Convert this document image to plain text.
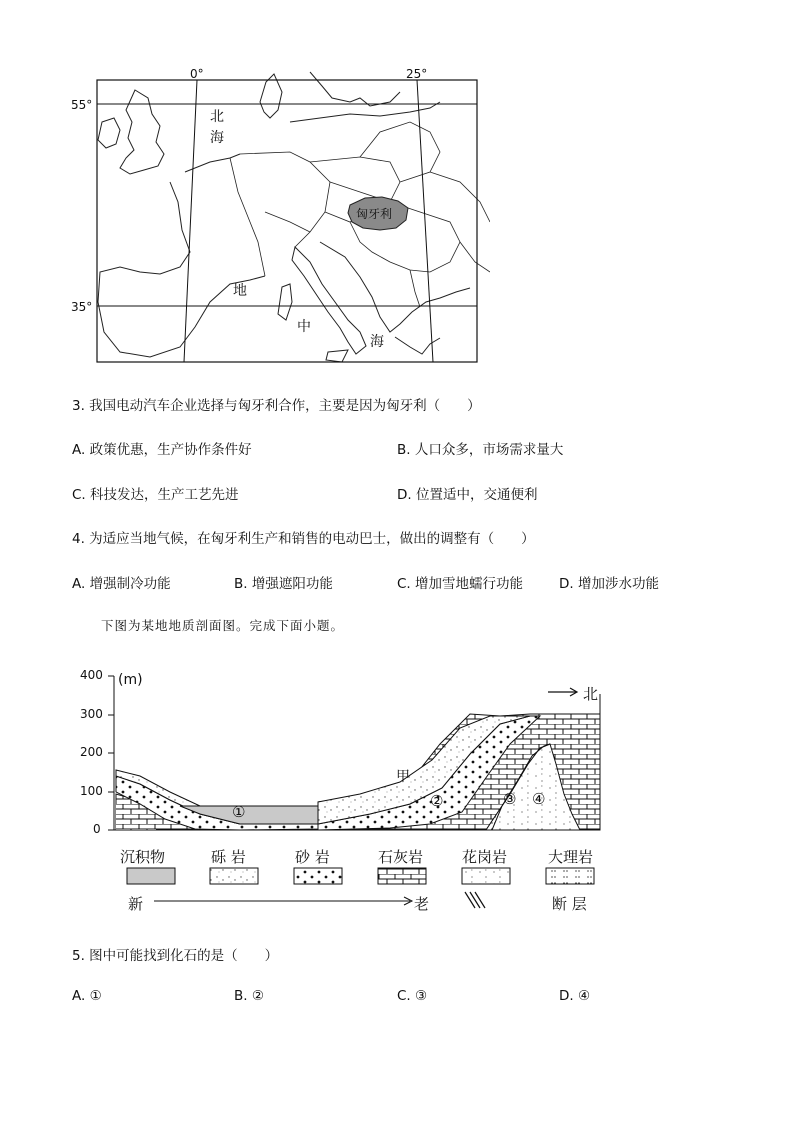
0°	25°
55°
35°
北
海
匈牙利
地
中
海
3. 我国电动汽车企业选择与匈牙利合作，主要是因为匈牙利（　　）
A. 政策优惠，生产协作条件好	B. 人口众多，市场需求量大
C. 科技发达，生产工艺先进	D. 位置适中，交通便利
4. 为适应当地气候，在匈牙利生产和销售的电动巴士，做出的调整有（　　）
A. 增强制冷功能	B. 增强遮阳功能	C. 增加雪地蠕行功能	D. 增加涉水功能
下图为某地地质剖面图。完成下面小题。
(m)
400
300
200
100
0
北
甲
①
②	③ ④
沉积物	砾 岩	砂 岩	石灰岩	花岗岩	大理岩
新	老	断 层
5. 图中可能找到化石的是（　　）
A. ①	B. ②	C. ③	D. ④
